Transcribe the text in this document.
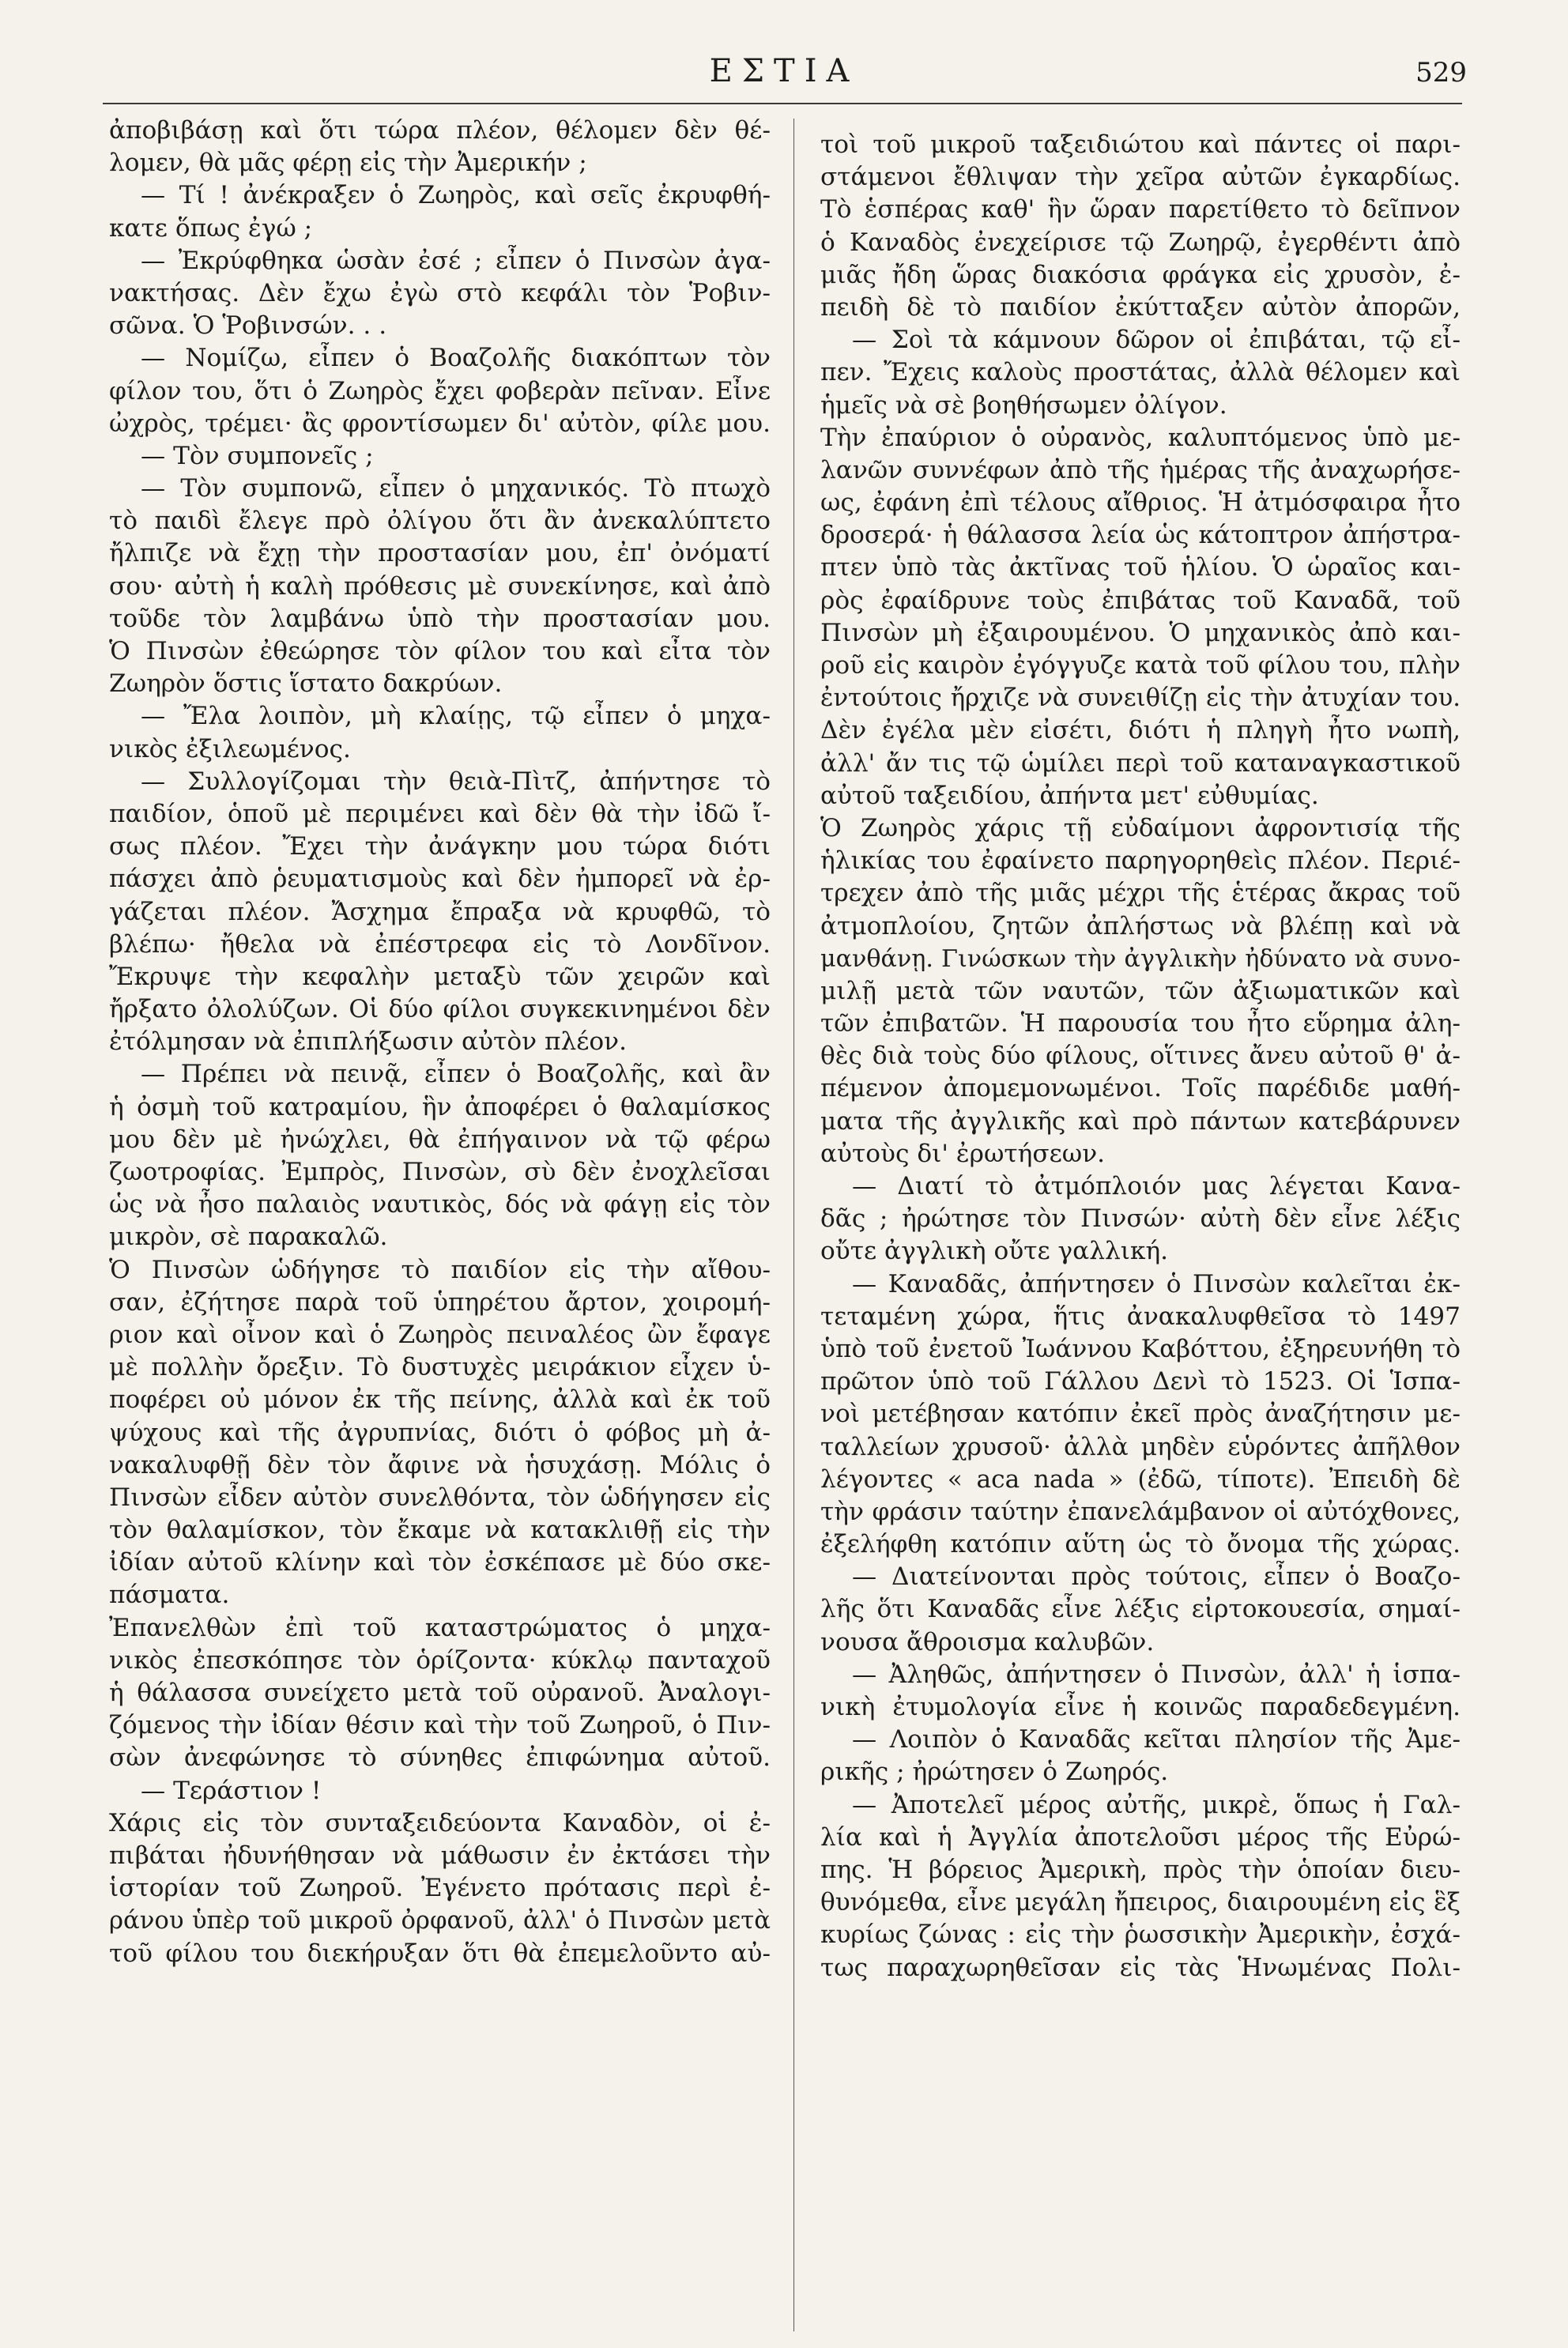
ΕΣΤΙΑ	529
ἀποβιβάσῃ καὶ ὅτι τώρα πλέον, θέλομεν δὲν θέ-
λομεν, θὰ μᾶς φέρῃ εἰς τὴν Ἀμερικήν ;
— Τί ! ἀνέκραξεν ὁ Ζωηρὸς, καὶ σεῖς ἐκρυφθή-
κατε ὅπως ἐγώ ;
— Ἐκρύφθηκα ὡσὰν ἐσέ ; εἶπεν ὁ Πινσὼν ἀγα-
νακτήσας. Δὲν ἔχω ἐγὼ στὸ κεφάλι τὸν Ῥοβιν-
σῶνα. Ὁ Ῥοβινσών. . .
— Νομίζω, εἶπεν ὁ Βοαζολῆς διακόπτων τὸν
φίλον του, ὅτι ὁ Ζωηρὸς ἔχει φοβερὰν πεῖναν. Εἶνε
ὠχρὸς, τρέμει· ἂς φροντίσωμεν δι' αὐτὸν, φίλε μου.
— Τὸν συμπονεῖς ;
— Τὸν συμπονῶ, εἶπεν ὁ μηχανικός. Τὸ πτωχὸ
τὸ παιδὶ ἔλεγε πρὸ ὀλίγου ὅτι ἂν ἀνεκαλύπτετο
ἤλπιζε νὰ ἔχῃ τὴν προστασίαν μου, ἐπ' ὀνόματί
σου· αὐτὴ ἡ καλὴ πρόθεσις μὲ συνεκίνησε, καὶ ἀπὸ
τοῦδε τὸν λαμβάνω ὑπὸ τὴν προστασίαν μου.
Ὁ Πινσὼν ἐθεώρησε τὸν φίλον του καὶ εἶτα τὸν
Ζωηρὸν ὅστις ἵστατο δακρύων.
— Ἔλα λοιπὸν, μὴ κλαίῃς, τῷ εἶπεν ὁ μηχα-
νικὸς ἐξιλεωμένος.
— Συλλογίζομαι τὴν θειὰ-Πὶτζ, ἀπήντησε τὸ
παιδίον, ὁποῦ μὲ περιμένει καὶ δὲν θὰ τὴν ἰδῶ ἴ-
σως πλέον. Ἔχει τὴν ἀνάγκην μου τώρα διότι
πάσχει ἀπὸ ῥευματισμοὺς καὶ δὲν ἠμπορεῖ νὰ ἐρ-
γάζεται πλέον. Ἄσχημα ἔπραξα νὰ κρυφθῶ, τὸ
βλέπω· ἤθελα νὰ ἐπέστρεφα εἰς τὸ Λονδῖνον.
Ἔκρυψε τὴν κεφαλὴν μεταξὺ τῶν χειρῶν καὶ
ἤρξατο ὀλολύζων. Οἱ δύο φίλοι συγκεκινημένοι δὲν
ἐτόλμησαν νὰ ἐπιπλήξωσιν αὐτὸν πλέον.
— Πρέπει νὰ πεινᾷ, εἶπεν ὁ Βοαζολῆς, καὶ ἂν
ἡ ὀσμὴ τοῦ κατραμίου, ἣν ἀποφέρει ὁ θαλαμίσκος
μου δὲν μὲ ἠνώχλει, θὰ ἐπήγαινον νὰ τῷ φέρω
ζωοτροφίας. Ἐμπρὸς, Πινσὼν, σὺ δὲν ἐνοχλεῖσαι
ὡς νὰ ἦσο παλαιὸς ναυτικὸς, δός νὰ φάγῃ εἰς τὸν
μικρὸν, σὲ παρακαλῶ.
Ὁ Πινσὼν ὡδήγησε τὸ παιδίον εἰς τὴν αἴθου-
σαν, ἐζήτησε παρὰ τοῦ ὑπηρέτου ἄρτον, χοιρομή-
ριον καὶ οἶνον καὶ ὁ Ζωηρὸς πειναλέος ὢν ἔφαγε
μὲ πολλὴν ὄρεξιν. Τὸ δυστυχὲς μειράκιον εἶχεν ὑ-
ποφέρει οὐ μόνον ἐκ τῆς πείνης, ἀλλὰ καὶ ἐκ τοῦ
ψύχους καὶ τῆς ἀγρυπνίας, διότι ὁ φόβος μὴ ἀ-
νακαλυφθῇ δὲν τὸν ἄφινε νὰ ἡσυχάσῃ. Μόλις ὁ
Πινσὼν εἶδεν αὐτὸν συνελθόντα, τὸν ὡδήγησεν εἰς
τὸν θαλαμίσκον, τὸν ἔκαμε νὰ κατακλιθῇ εἰς τὴν
ἰδίαν αὐτοῦ κλίνην καὶ τὸν ἐσκέπασε μὲ δύο σκε-
πάσματα.
Ἐπανελθὼν ἐπὶ τοῦ καταστρώματος ὁ μηχα-
νικὸς ἐπεσκόπησε τὸν ὁρίζοντα· κύκλῳ πανταχοῦ
ἡ θάλασσα συνείχετο μετὰ τοῦ οὐρανοῦ. Ἀναλογι-
ζόμενος τὴν ἰδίαν θέσιν καὶ τὴν τοῦ Ζωηροῦ, ὁ Πιν-
σὼν ἀνεφώνησε τὸ σύνηθες ἐπιφώνημα αὐτοῦ.
— Τεράστιον !
Χάρις εἰς τὸν συνταξειδεύοντα Καναδὸν, οἱ ἐ-
πιβάται ἠδυνήθησαν νὰ μάθωσιν ἐν ἐκτάσει τὴν
ἱστορίαν τοῦ Ζωηροῦ. Ἐγένετο πρότασις περὶ ἐ-
ράνου ὑπὲρ τοῦ μικροῦ ὀρφανοῦ, ἀλλ' ὁ Πινσὼν μετὰ
τοῦ φίλου του διεκήρυξαν ὅτι θὰ ἐπεμελοῦντο αὐ-
τοὶ τοῦ μικροῦ ταξειδιώτου καὶ πάντες οἱ παρι-
στάμενοι ἔθλιψαν τὴν χεῖρα αὐτῶν ἐγκαρδίως.
Τὸ ἑσπέρας καθ' ἣν ὥραν παρετίθετο τὸ δεῖπνον
ὁ Καναδὸς ἐνεχείρισε τῷ Ζωηρῷ, ἐγερθέντι ἀπὸ
μιᾶς ἤδη ὥρας διακόσια φράγκα εἰς χρυσὸν, ἐ-
πειδὴ δὲ τὸ παιδίον ἐκύτταξεν αὐτὸν ἀπορῶν,
— Σοὶ τὰ κάμνουν δῶρον οἱ ἐπιβάται, τῷ εἶ-
πεν. Ἔχεις καλοὺς προστάτας, ἀλλὰ θέλομεν καὶ
ἡμεῖς νὰ σὲ βοηθήσωμεν ὀλίγον.
Τὴν ἐπαύριον ὁ οὐρανὸς, καλυπτόμενος ὑπὸ με-
λανῶν συννέφων ἀπὸ τῆς ἡμέρας τῆς ἀναχωρήσε-
ως, ἐφάνη ἐπὶ τέλους αἴθριος. Ἡ ἀτμόσφαιρα ἦτο
δροσερά· ἡ θάλασσα λεία ὡς κάτοπτρον ἀπήστρα-
πτεν ὑπὸ τὰς ἀκτῖνας τοῦ ἡλίου. Ὁ ὡραῖος και-
ρὸς ἐφαίδρυνε τοὺς ἐπιβάτας τοῦ Καναδᾶ, τοῦ
Πινσὼν μὴ ἐξαιρουμένου. Ὁ μηχανικὸς ἀπὸ και-
ροῦ εἰς καιρὸν ἐγόγγυζε κατὰ τοῦ φίλου του, πλὴν
ἐντούτοις ἤρχιζε νὰ συνειθίζῃ εἰς τὴν ἀτυχίαν του.
Δὲν ἐγέλα μὲν εἰσέτι, διότι ἡ πληγὴ ἦτο νωπὴ,
ἀλλ' ἄν τις τῷ ὡμίλει περὶ τοῦ καταναγκαστικοῦ
αὐτοῦ ταξειδίου, ἀπήντα μετ' εὐθυμίας.
Ὁ Ζωηρὸς χάρις τῇ εὐδαίμονι ἀφροντισίᾳ τῆς
ἡλικίας του ἐφαίνετο παρηγορηθεὶς πλέον. Περιέ-
τρεχεν ἀπὸ τῆς μιᾶς μέχρι τῆς ἑτέρας ἄκρας τοῦ
ἀτμοπλοίου, ζητῶν ἀπλήστως νὰ βλέπῃ καὶ νὰ
μανθάνῃ. Γινώσκων τὴν ἀγγλικὴν ἠδύνατο νὰ συνο-
μιλῇ μετὰ τῶν ναυτῶν, τῶν ἀξιωματικῶν καὶ
τῶν ἐπιβατῶν. Ἡ παρουσία του ἦτο εὕρημα ἀλη-
θὲς διὰ τοὺς δύο φίλους, οἵτινες ἄνευ αὐτοῦ θ' ἀ-
πέμενον ἀπομεμονωμένοι. Τοῖς παρέδιδε μαθή-
ματα τῆς ἀγγλικῆς καὶ πρὸ πάντων κατεβάρυνεν
αὐτοὺς δι' ἐρωτήσεων.
— Διατί τὸ ἀτμόπλοιόν μας λέγεται Κανα-
δᾶς ; ἠρώτησε τὸν Πινσών· αὐτὴ δὲν εἶνε λέξις
οὔτε ἀγγλικὴ οὔτε γαλλική.
— Καναδᾶς, ἀπήντησεν ὁ Πινσὼν καλεῖται ἐκ-
τεταμένη χώρα, ἥτις ἀνακαλυφθεῖσα τὸ 1497
ὑπὸ τοῦ ἐνετοῦ Ἰωάννου Καβόττου, ἐξηρευνήθη τὸ
πρῶτον ὑπὸ τοῦ Γάλλου Δενὶ τὸ 1523. Οἱ Ἱσπα-
νοὶ μετέβησαν κατόπιν ἐκεῖ πρὸς ἀναζήτησιν με-
ταλλείων χρυσοῦ· ἀλλὰ μηδὲν εὑρόντες ἀπῆλθον
λέγοντες « aca nada » (ἐδῶ, τίποτε). Ἐπειδὴ δὲ
τὴν φράσιν ταύτην ἐπανελάμβανον οἱ αὐτόχθονες,
ἐξελήφθη κατόπιν αὕτη ὡς τὸ ὄνομα τῆς χώρας.
— Διατείνονται πρὸς τούτοις, εἶπεν ὁ Βοαζο-
λῆς ὅτι Καναδᾶς εἶνε λέξις εἰρτοκουεσία, σημαί-
νουσα ἄθροισμα καλυβῶν.
— Ἀληθῶς, ἀπήντησεν ὁ Πινσὼν, ἀλλ' ἡ ἱσπα-
νικὴ ἐτυμολογία εἶνε ἡ κοινῶς παραδεδεγμένη.
— Λοιπὸν ὁ Καναδᾶς κεῖται πλησίον τῆς Ἀμε-
ρικῆς ; ἠρώτησεν ὁ Ζωηρός.
— Ἀποτελεῖ μέρος αὐτῆς, μικρὲ, ὅπως ἡ Γαλ-
λία καὶ ἡ Ἀγγλία ἀποτελοῦσι μέρος τῆς Εὐρώ-
πης. Ἡ βόρειος Ἀμερικὴ, πρὸς τὴν ὁποίαν διευ-
θυνόμεθα, εἶνε μεγάλη ἤπειρος, διαιρουμένη εἰς ἓξ
κυρίως ζώνας : εἰς τὴν ῥωσσικὴν Ἀμερικὴν, ἐσχά-
τως παραχωρηθεῖσαν εἰς τὰς Ἡνωμένας Πολι-
